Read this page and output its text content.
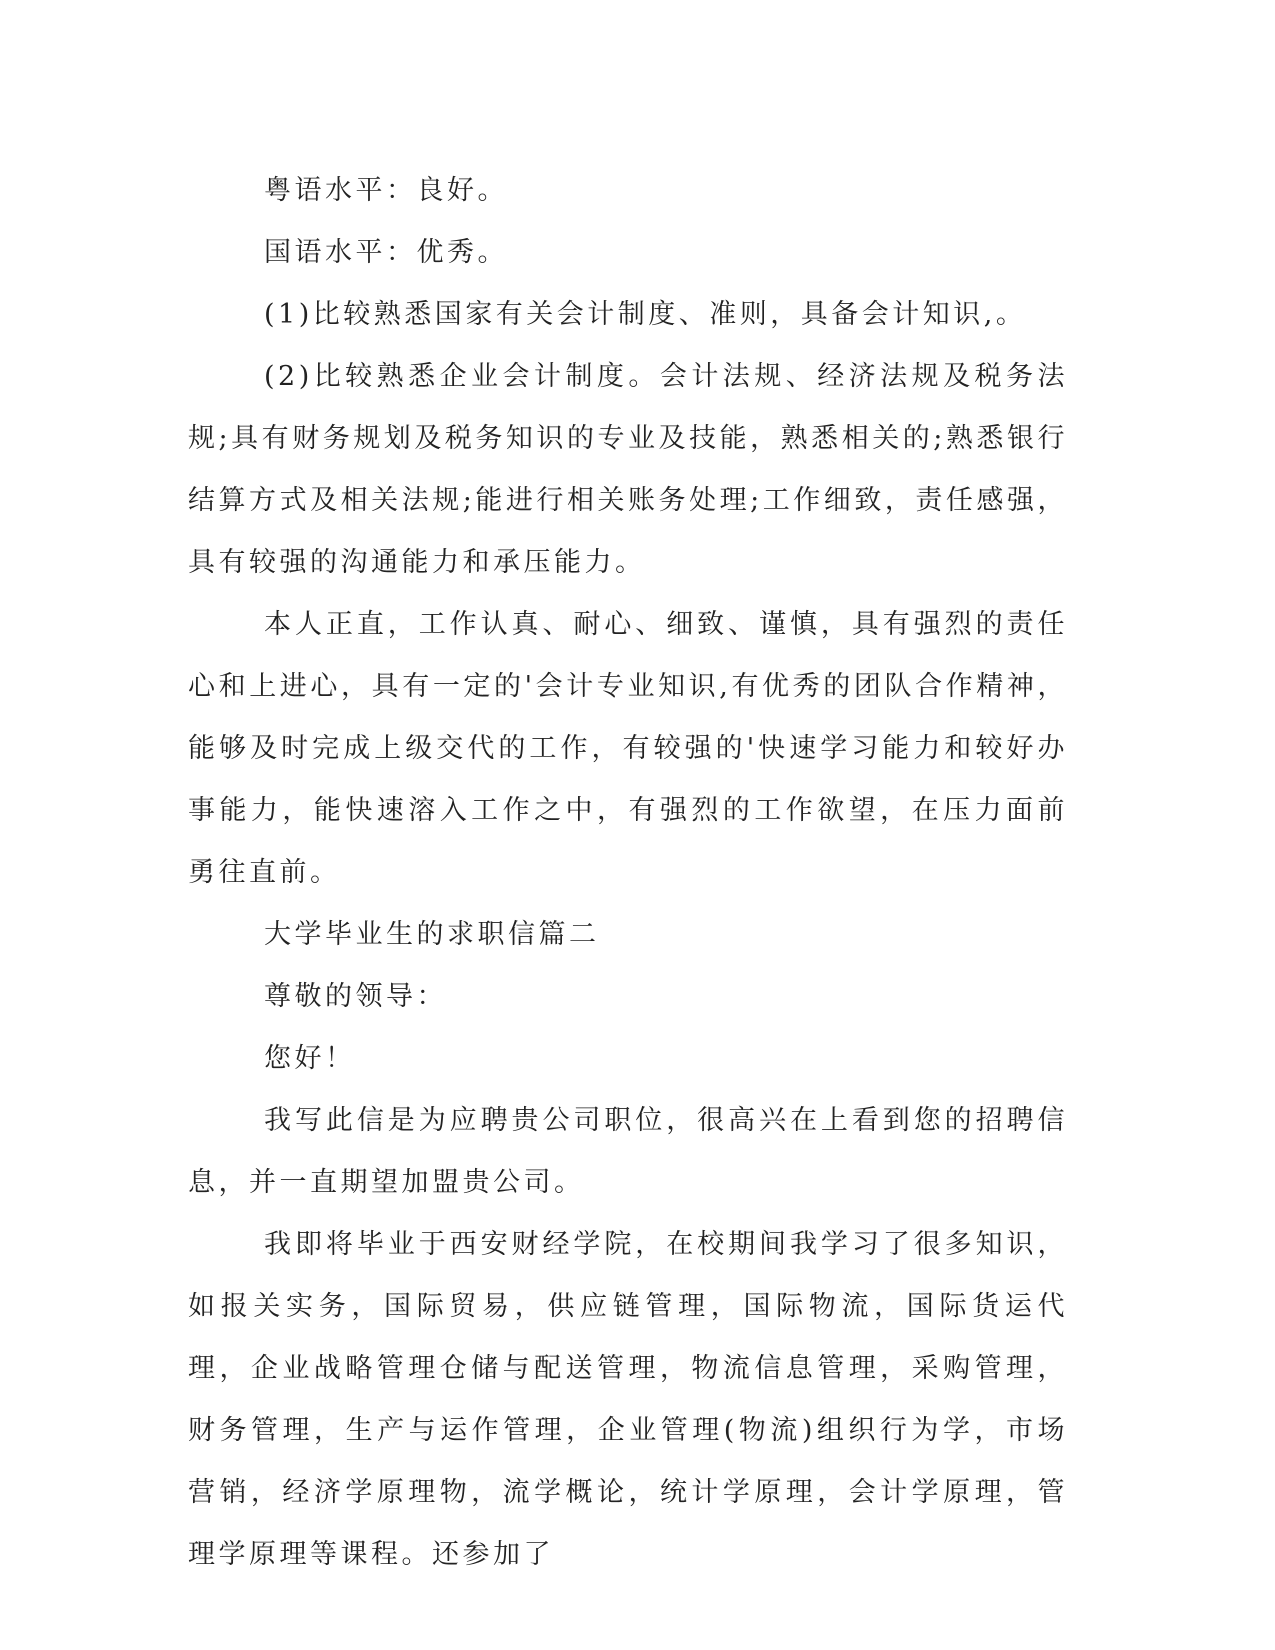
粤语水平：良好。

国语水平：优秀。

(1)比较熟悉国家有关会计制度、准则，具备会计知识,。

(2)比较熟悉企业会计制度。会计法规、经济法规及税务法规;具有财务规划及税务知识的专业及技能，熟悉相关的;熟悉银行结算方式及相关法规;能进行相关账务处理;工作细致，责任感强，具有较强的沟通能力和承压能力。

本人正直，工作认真、耐心、细致、谨慎，具有强烈的责任心和上进心，具有一定的'会计专业知识,有优秀的团队合作精神，能够及时完成上级交代的工作，有较强的'快速学习能力和较好办事能力，能快速溶入工作之中，有强烈的工作欲望，在压力面前勇往直前。

大学毕业生的求职信篇二

尊敬的领导：

您好！

我写此信是为应聘贵公司职位，很高兴在上看到您的招聘信息，并一直期望加盟贵公司。

我即将毕业于西安财经学院，在校期间我学习了很多知识，如报关实务，国际贸易，供应链管理，国际物流，国际货运代理，企业战略管理仓储与配送管理，物流信息管理，采购管理，财务管理，生产与运作管理，企业管理(物流)组织行为学，市场营销，经济学原理物，流学概论，统计学原理，会计学原理，管理学原理等课程。还参加了
